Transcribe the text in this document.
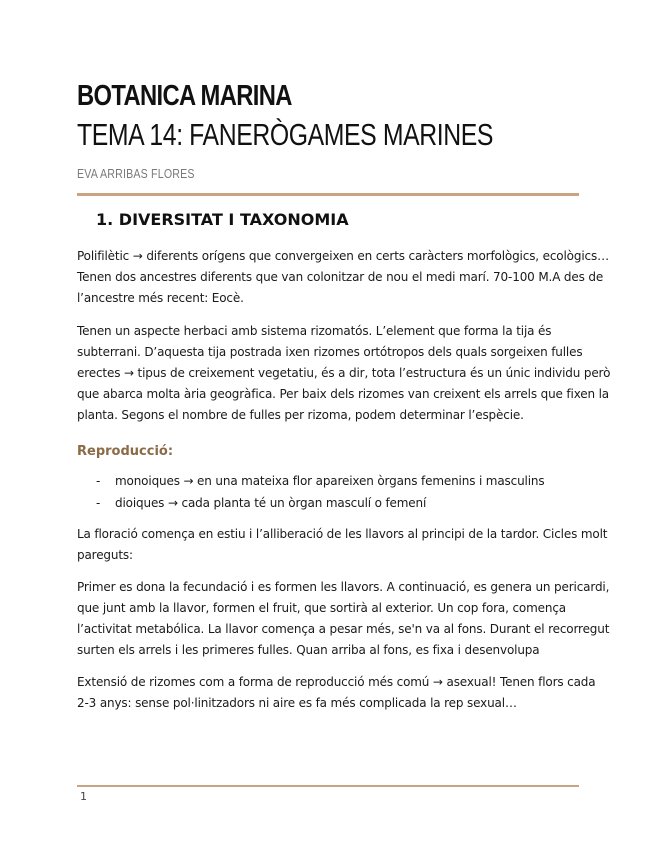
BOTANICA MARINA
TEMA 14: FANERÒGAMES MARINES
EVA ARRIBAS FLORES
1. DIVERSITAT I TAXONOMIA
Polifilètic → diferents orígens que convergeixen en certs caràcters morfològics, ecològics…
Tenen dos ancestres diferents que van colonitzar de nou el medi marí. 70-100 M.A des de
l’ancestre més recent: Eocè.
Tenen un aspecte herbaci amb sistema rizomatós. L’element que forma la tija és
subterrani. D’aquesta tija postrada ixen rizomes ortótropos dels quals sorgeixen fulles
erectes → tipus de creixement vegetatiu, és a dir, tota l’estructura és un únic individu però
que abarca molta ària geogràfica. Per baix dels rizomes van creixent els arrels que fixen la
planta. Segons el nombre de fulles per rizoma, podem determinar l’espècie.
Reproducció:
- monoiques → en una mateixa flor apareixen òrgans femenins i masculins
- dioiques → cada planta té un òrgan masculí o femení
La floració comença en estiu i l’alliberació de les llavors al principi de la tardor. Cicles molt
pareguts:
Primer es dona la fecundació i es formen les llavors. A continuació, es genera un pericardi,
que junt amb la llavor, formen el fruit, que sortirà al exterior. Un cop fora, comença
l’activitat metabólica. La llavor comença a pesar més, se'n va al fons. Durant el recorregut
surten els arrels i les primeres fulles. Quan arriba al fons, es fixa i desenvolupa
Extensió de rizomes com a forma de reproducció més comú → asexual! Tenen flors cada
2-3 anys: sense pol·linitzadors ni aire es fa més complicada la rep sexual…
1
